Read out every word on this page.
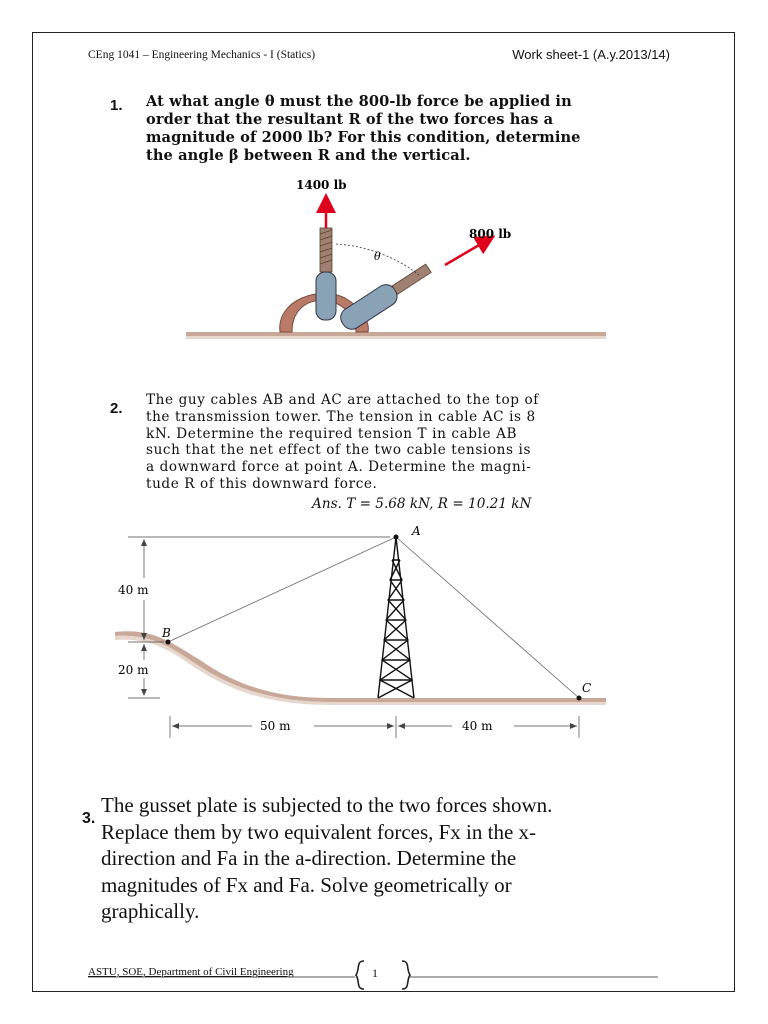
CEng 1041 – Engineering Mechanics - I (Statics)	Work sheet-1 (A.y.2013/14)
1. At what angle θ must the 800-lb force be applied in
order that the resultant R of the two forces has a
magnitude of 2000 lb? For this condition, determine
the angle β between R and the vertical.
1400 lb
800 lb
θ
2. The guy cables AB and AC are attached to the top of
the transmission tower. The tension in cable AC is 8
kN. Determine the required tension T in cable AB
such that the net effect of the two cable tensions is
a downward force at point A. Determine the magni-
tude R of this downward force.
Ans. T = 5.68 kN, R = 10.21 kN
A
B
C
40 m
20 m
50 m	40 m
3.
The gusset plate is subjected to the two forces shown.
Replace them by two equivalent forces, Fx in the x-
direction and Fa in the a-direction. Determine the
magnitudes of Fx and Fa. Solve geometrically or
graphically.
ASTU, SOE, Department of Civil Engineering	1
